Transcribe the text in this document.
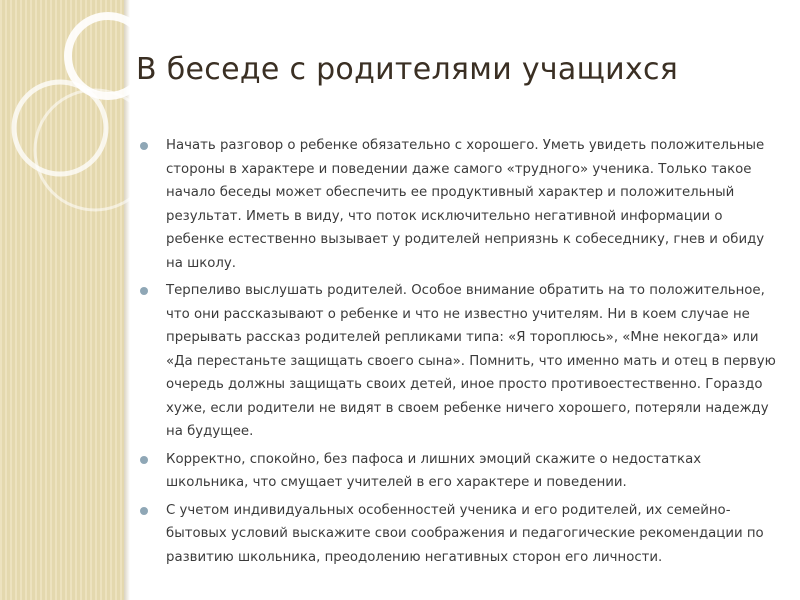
В беседе с родителями учащихся
Начать разговор о ребенке обязательно с хорошего. Уметь увидеть положительные стороны в характере и поведении даже самого «трудного» ученика. Только такое начало беседы может обеспечить ее продуктивный характер и положительный результат. Иметь в виду, что поток исключительно негативной информации о ребенке естественно вызывает у родителей неприязнь к собеседнику, гнев и обиду на школу.
Терпеливо выслушать родителей. Особое внимание обратить на то положительное, что они рассказывают о ребенке и что не известно учителям. Ни в коем случае не прерывать рассказ родителей репликами типа: «Я тороплюсь», «Мне некогда» или «Да перестаньте защищать своего сына». Помнить, что именно мать и отец в первую очередь должны защищать своих детей, иное просто противоестественно. Гораздо хуже, если родители не видят в своем ребенке ничего хорошего, потеряли надежду на будущее.
Корректно, спокойно, без пафоса и лишних эмоций скажите о недостатках школьника, что смущает учителей в его характере и поведении.
С учетом индивидуальных особенностей ученика и его родителей, их семейно-бытовых условий выскажите свои соображения и педагогические рекомендации по развитию школьника, преодолению негативных сторон его личности.
